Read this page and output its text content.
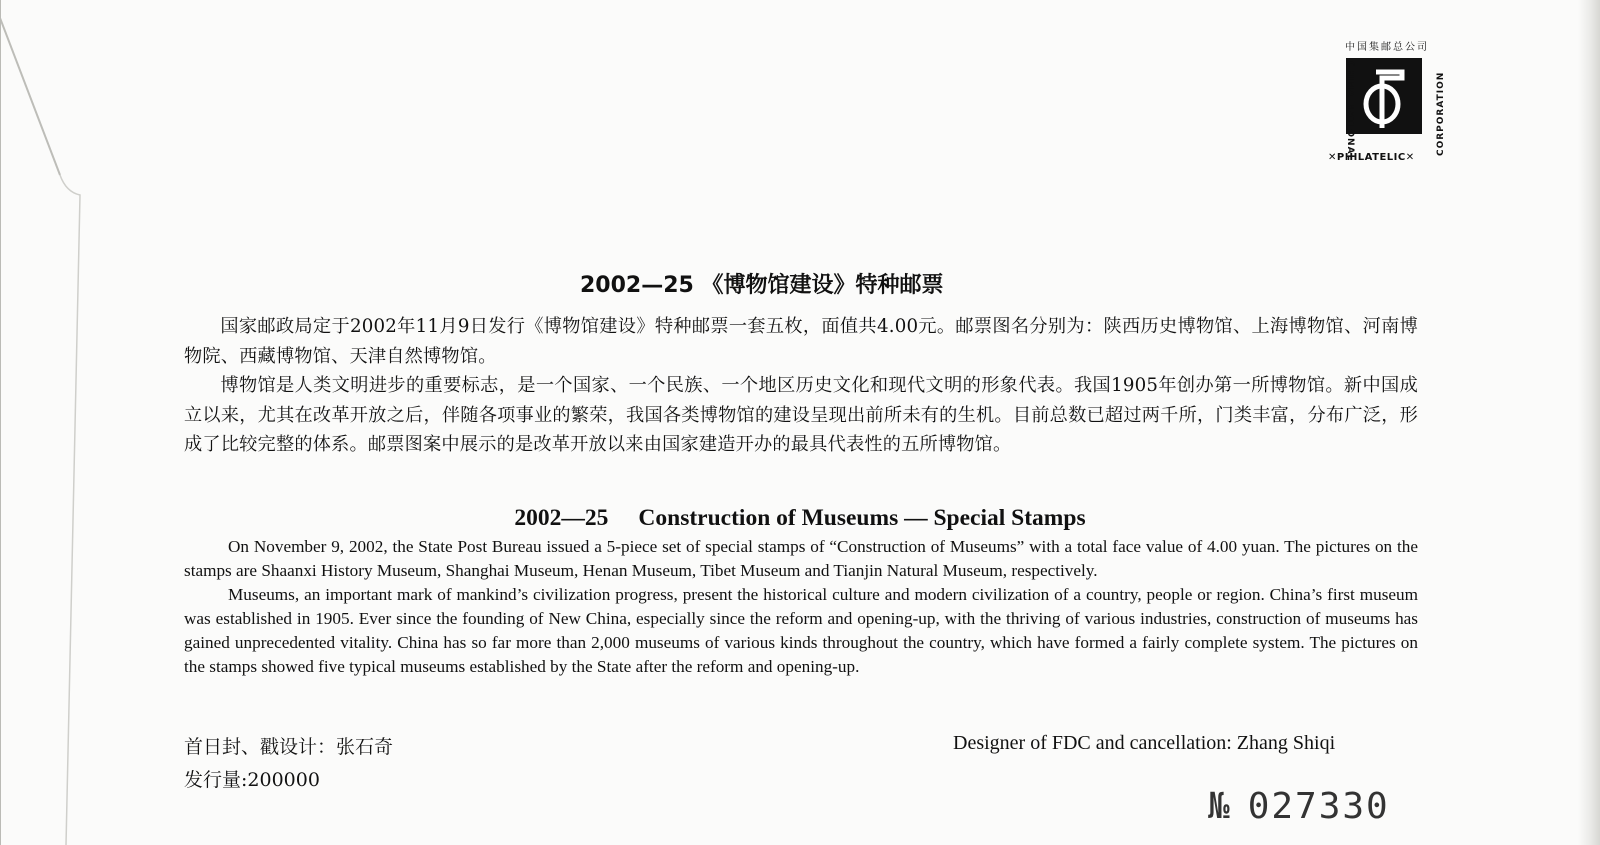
中国集邮总公司
CHINA NATIONAL	CORPORATION
✕PHILATELIC✕
2002—25 《博物馆建设》特种邮票

国家邮政局定于2002年11月9日发行《博物馆建设》特种邮票一套五枚，面值共4.00元。邮票图名分别为：陕西历史博物馆、上海博物馆、河南博物院、西藏博物馆、天津自然博物馆。

博物馆是人类文明进步的重要标志，是一个国家、一个民族、一个地区历史文化和现代文明的形象代表。我国1905年创办第一所博物馆。新中国成立以来，尤其在改革开放之后，伴随各项事业的繁荣，我国各类博物馆的建设呈现出前所未有的生机。目前总数已超过两千所，门类丰富，分布广泛，形成了比较完整的体系。邮票图案中展示的是改革开放以来由国家建造开办的最具代表性的五所博物馆。

2002—25 Construction of Museums — Special Stamps

On November 9, 2002, the State Post Bureau issued a 5-piece set of special stamps of “Construction of Museums” with a total face value of 4.00 yuan. The pictures on the stamps are Shaanxi History Museum, Shanghai Museum, Henan Museum, Tibet Museum and Tianjin Natural Museum, respectively.

Museums, an important mark of mankind’s civilization progress, present the historical culture and modern civilization of a country, people or region. China’s first museum was established in 1905. Ever since the founding of New China, especially since the reform and opening-up, with the thriving of various industries, construction of museums has gained unprecedented vitality. China has so far more than 2,000 museums of various kinds throughout the country, which have formed a fairly complete system. The pictures on the stamps showed five typical museums established by the State after the reform and opening-up.

首日封、戳设计：张石奇	Designer of FDC and cancellation: Zhang Shiqi
发行量:200000
№ 027330
